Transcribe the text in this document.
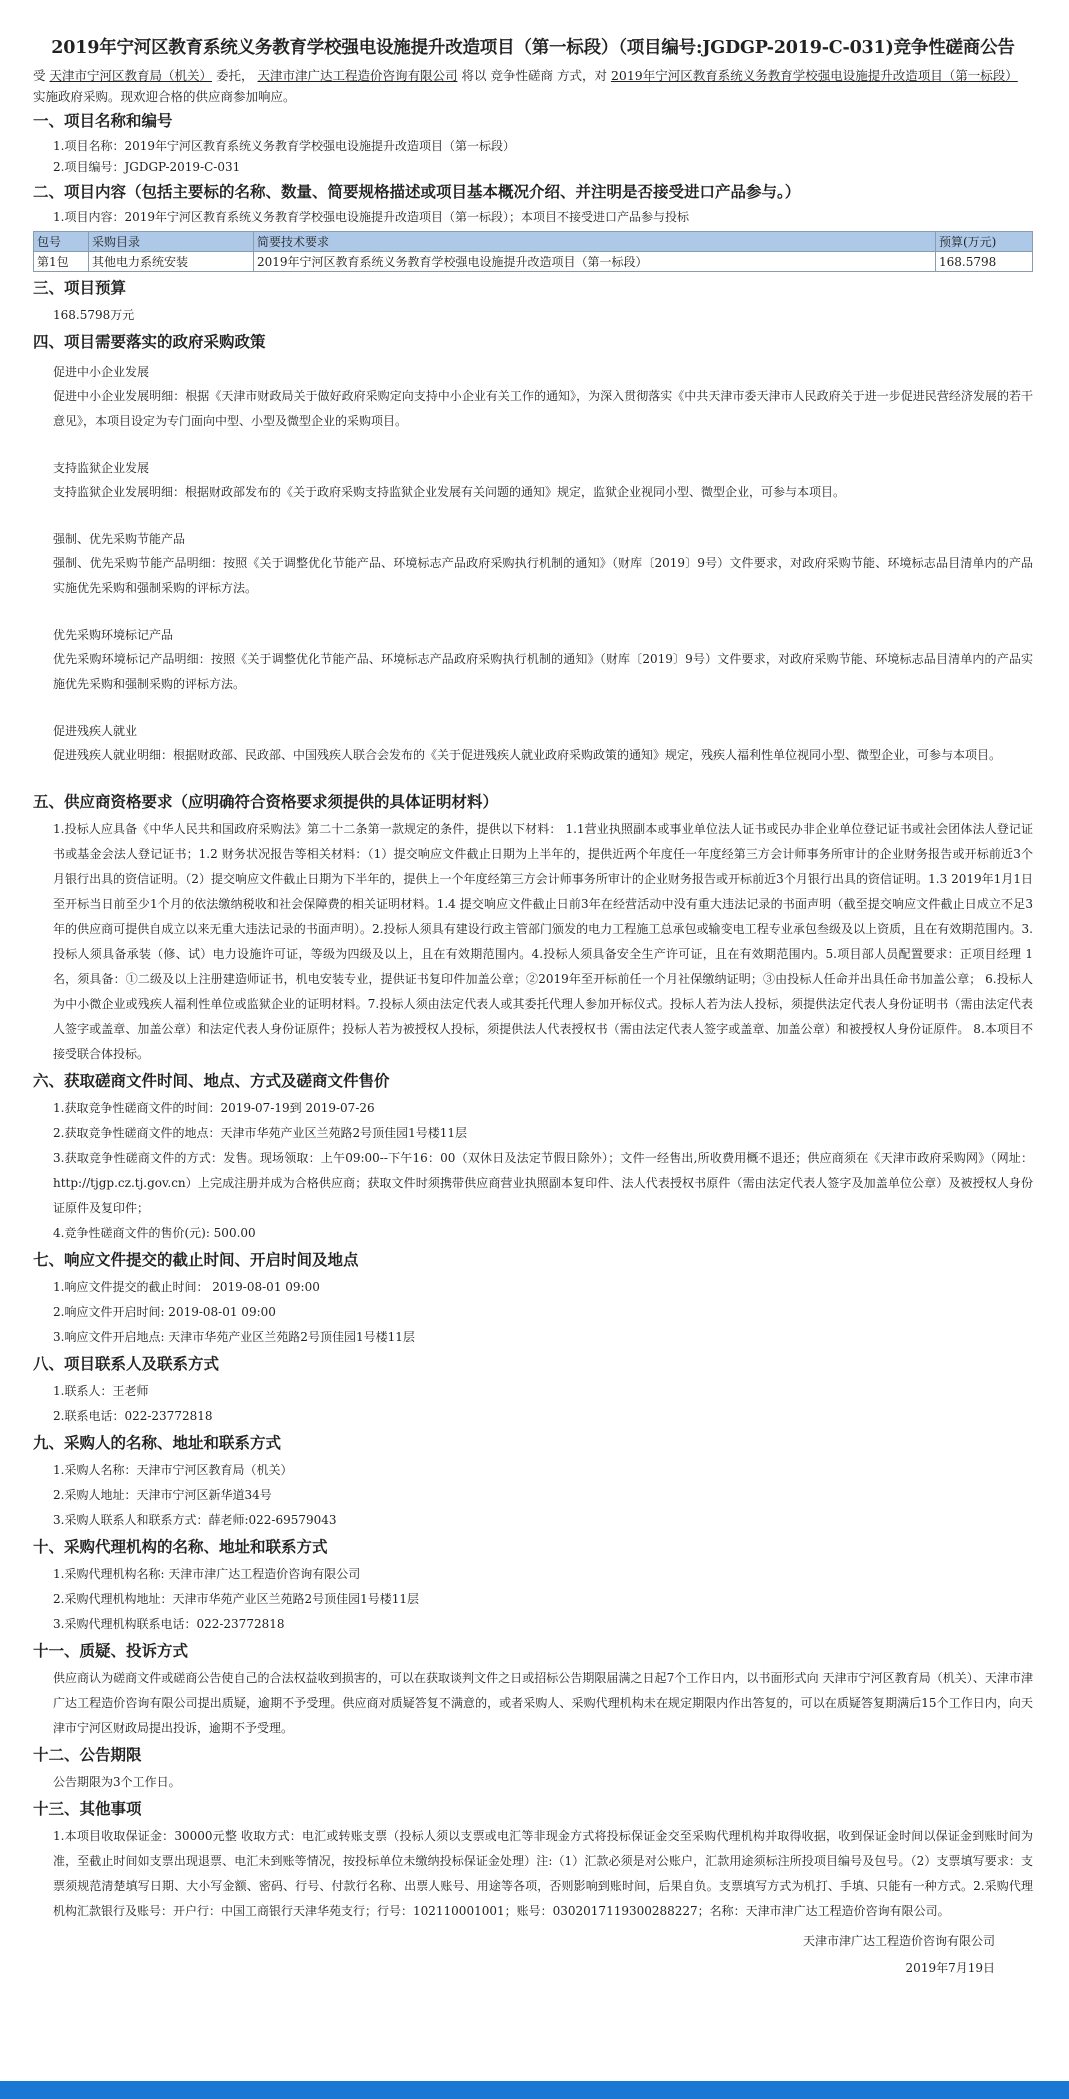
2019年宁河区教育系统义务教育学校强电设施提升改造项目（第一标段）（项目编号:JGDGP-2019-C-031)竞争性磋商公告

受 天津市宁河区教育局（机关） 委托， 天津市津广达工程造价咨询有限公司 将以 竞争性磋商 方式，对 2019年宁河区教育系统义务教育学校强电设施提升改造项目（第一标段） 实施政府采购。现欢迎合格的供应商参加响应。

一、项目名称和编号

1.项目名称：2019年宁河区教育系统义务教育学校强电设施提升改造项目（第一标段）

2.项目编号：JGDGP-2019-C-031

二、项目内容（包括主要标的名称、数量、简要规格描述或项目基本概况介绍、并注明是否接受进口产品参与。）

1.项目内容：2019年宁河区教育系统义务教育学校强电设施提升改造项目（第一标段）；本项目不接受进口产品参与投标

包号	采购目录	简要技术要求	预算(万元)
第1包	其他电力系统安装	2019年宁河区教育系统义务教育学校强电设施提升改造项目（第一标段）	168.5798
三、项目预算

168.5798万元

四、项目需要落实的政府采购政策
促进中小企业发展
促进中小企业发展明细：根据《天津市财政局关于做好政府采购定向支持中小企业有关工作的通知》，为深入贯彻落实《中共天津市委天津市人民政府关于进一步促进民营经济发展的若干意见》，本项目设定为专门面向中型、小型及微型企业的采购项目。
支持监狱企业发展
支持监狱企业发展明细：根据财政部发布的《关于政府采购支持监狱企业发展有关问题的通知》规定，监狱企业视同小型、微型企业，可参与本项目。
强制、优先采购节能产品
强制、优先采购节能产品明细：按照《关于调整优化节能产品、环境标志产品政府采购执行机制的通知》（财库〔2019〕9号）文件要求，对政府采购节能、环境标志品目清单内的产品实施优先采购和强制采购的评标方法。
优先采购环境标记产品
优先采购环境标记产品明细：按照《关于调整优化节能产品、环境标志产品政府采购执行机制的通知》（财库〔2019〕9号）文件要求，对政府采购节能、环境标志品目清单内的产品实施优先采购和强制采购的评标方法。
促进残疾人就业
促进残疾人就业明细：根据财政部、民政部、中国残疾人联合会发布的《关于促进残疾人就业政府采购政策的通知》规定，残疾人福利性单位视同小型、微型企业，可参与本项目。
五、供应商资格要求（应明确符合资格要求须提供的具体证明材料）
1.投标人应具备《中华人民共和国政府采购法》第二十二条第一款规定的条件，提供以下材料： 1.1营业执照副本或事业单位法人证书或民办非企业单位登记证书或社会团体法人登记证书或基金会法人登记证书；1.2 财务状况报告等相关材料：（1）提交响应文件截止日期为上半年的，提供近两个年度任一年度经第三方会计师事务所审计的企业财务报告或开标前近3个月银行出具的资信证明。（2）提交响应文件截止日期为下半年的，提供上一个年度经第三方会计师事务所审计的企业财务报告或开标前近3个月银行出具的资信证明。1.3 2019年1月1日至开标当日前至少1个月的依法缴纳税收和社会保障费的相关证明材料。1.4 提交响应文件截止日前3年在经营活动中没有重大违法记录的书面声明（截至提交响应文件截止日成立不足3年的供应商可提供自成立以来无重大违法记录的书面声明）。2.投标人须具有建设行政主管部门颁发的电力工程施工总承包或输变电工程专业承包叁级及以上资质，且在有效期范围内。3.投标人须具备承装（修、试）电力设施许可证，等级为四级及以上，且在有效期范围内。4.投标人须具备安全生产许可证，且在有效期范围内。5.项目部人员配置要求：正项目经理 1 名，须具备：①二级及以上注册建造师证书，机电安装专业，提供证书复印件加盖公章；②2019年至开标前任一个月社保缴纳证明；③由投标人任命并出具任命书加盖公章； 6.投标人为中小微企业或残疾人福利性单位或监狱企业的证明材料。7.投标人须由法定代表人或其委托代理人参加开标仪式。投标人若为法人投标，须提供法定代表人身份证明书（需由法定代表人签字或盖章、加盖公章）和法定代表人身份证原件；投标人若为被授权人投标，须提供法人代表授权书（需由法定代表人签字或盖章、加盖公章）和被授权人身份证原件。 8.本项目不接受联合体投标。
六、获取磋商文件时间、地点、方式及磋商文件售价

1.获取竞争性磋商文件的时间：2019-07-19到 2019-07-26

2.获取竞争性磋商文件的地点：天津市华苑产业区兰苑路2号顶佳园1号楼11层

3.获取竞争性磋商文件的方式：发售。现场领取：上午09:00--下午16：00（双休日及法定节假日除外）；文件一经售出,所收费用概不退还；供应商须在《天津市政府采购网》（网址：http://tjgp.cz.tj.gov.cn）上完成注册并成为合格供应商；获取文件时须携带供应商营业执照副本复印件、法人代表授权书原件（需由法定代表人签字及加盖单位公章）及被授权人身份证原件及复印件；

4.竞争性磋商文件的售价(元): 500.00

七、响应文件提交的截止时间、开启时间及地点

1.响应文件提交的截止时间： 2019-08-01 09:00

2.响应文件开启时间: 2019-08-01 09:00

3.响应文件开启地点: 天津市华苑产业区兰苑路2号顶佳园1号楼11层

八、项目联系人及联系方式

1.联系人：王老师

2.联系电话：022-23772818

九、采购人的名称、地址和联系方式

1.采购人名称：天津市宁河区教育局（机关）

2.采购人地址：天津市宁河区新华道34号

3.采购人联系人和联系方式：薛老师:022-69579043

十、采购代理机构的名称、地址和联系方式

1.采购代理机构名称: 天津市津广达工程造价咨询有限公司

2.采购代理机构地址：天津市华苑产业区兰苑路2号顶佳园1号楼11层

3.采购代理机构联系电话：022-23772818

十一、质疑、投诉方式
供应商认为磋商文件或磋商公告使自己的合法权益收到损害的，可以在获取谈判文件之日或招标公告期限届满之日起7个工作日内，以书面形式向 天津市宁河区教育局（机关）、天津市津广达工程造价咨询有限公司提出质疑，逾期不予受理。供应商对质疑答复不满意的，或者采购人、采购代理机构未在规定期限内作出答复的，可以在质疑答复期满后15个工作日内，向天津市宁河区财政局提出投诉，逾期不予受理。
十二、公告期限

公告期限为3个工作日。

十三、其他事项
1.本项目收取保证金：30000元整 收取方式：电汇或转账支票（投标人须以支票或电汇等非现金方式将投标保证金交至采购代理机构并取得收据，收到保证金时间以保证金到账时间为准，至截止时间如支票出现退票、电汇未到账等情况，按投标单位未缴纳投标保证金处理）注:（1）汇款必须是对公账户，汇款用途须标注所投项目编号及包号。（2）支票填写要求：支票须规范清楚填写日期、大小写金额、密码、行号、付款行名称、出票人账号、用途等各项，否则影响到账时间，后果自负。支票填写方式为机打、手填、只能有一种方式。2.采购代理机构汇款银行及账号：开户行：中国工商银行天津华苑支行；行号：102110001001；账号：0302017119300288227；名称：天津市津广达工程造价咨询有限公司。

天津市津广达工程造价咨询有限公司

2019年7月19日
